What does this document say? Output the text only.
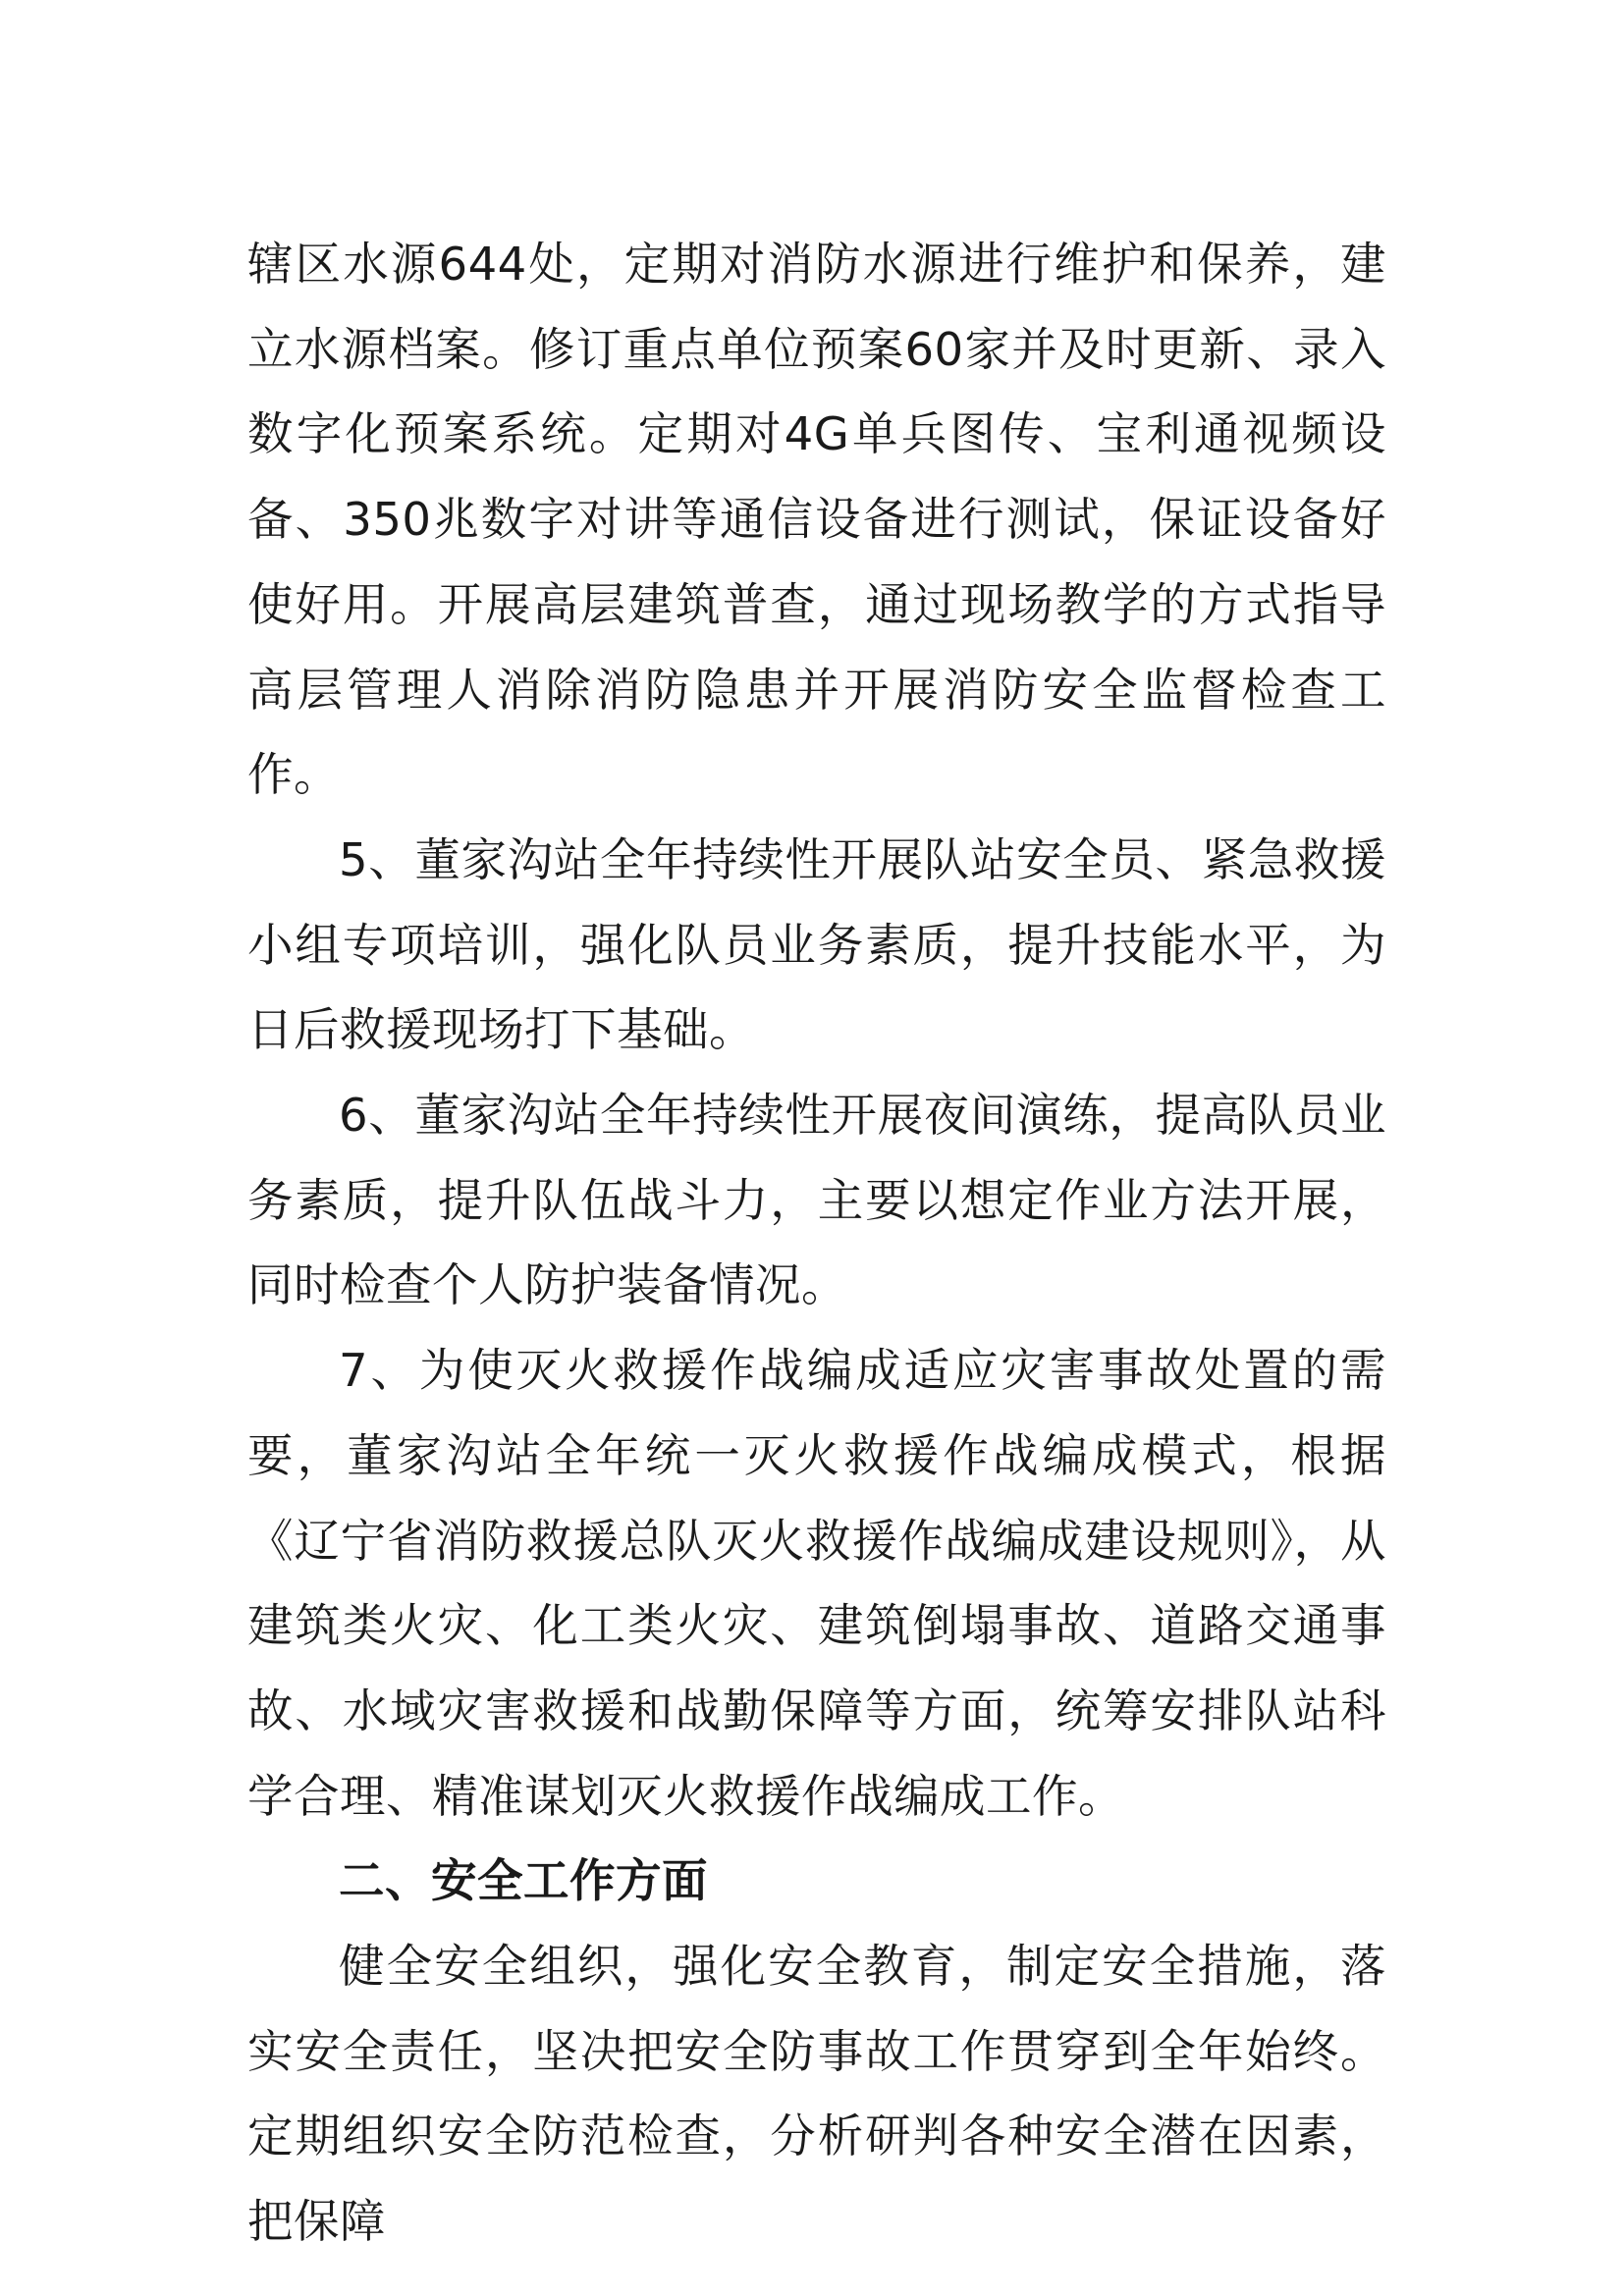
辖区水源644处，定期对消防水源进行维护和保养，建立水源档案。修订重点单位预案60家并及时更新、录入数字化预案系统。定期对4G单兵图传、宝利通视频设备、350兆数字对讲等通信设备进行测试，保证设备好使好用。开展高层建筑普查，通过现场教学的方式指导高层管理人消除消防隐患并开展消防安全监督检查工作。

5、董家沟站全年持续性开展队站安全员、紧急救援小组专项培训，强化队员业务素质，提升技能水平，为日后救援现场打下基础。

6、董家沟站全年持续性开展夜间演练，提高队员业务素质，提升队伍战斗力，主要以想定作业方法开展，同时检查个人防护装备情况。

7、为使灭火救援作战编成适应灾害事故处置的需要，董家沟站全年统一灭火救援作战编成模式，根据《辽宁省消防救援总队灭火救援作战编成建设规则》，从建筑类火灾、化工类火灾、建筑倒塌事故、道路交通事故、水域灾害救援和战勤保障等方面，统筹安排队站科学合理、精准谋划灭火救援作战编成工作。

二、安全工作方面

健全安全组织，强化安全教育，制定安全措施，落实安全责任，坚决把安全防事故工作贯穿到全年始终。定期组织安全防范检查，分析研判各种安全潜在因素，把保障
